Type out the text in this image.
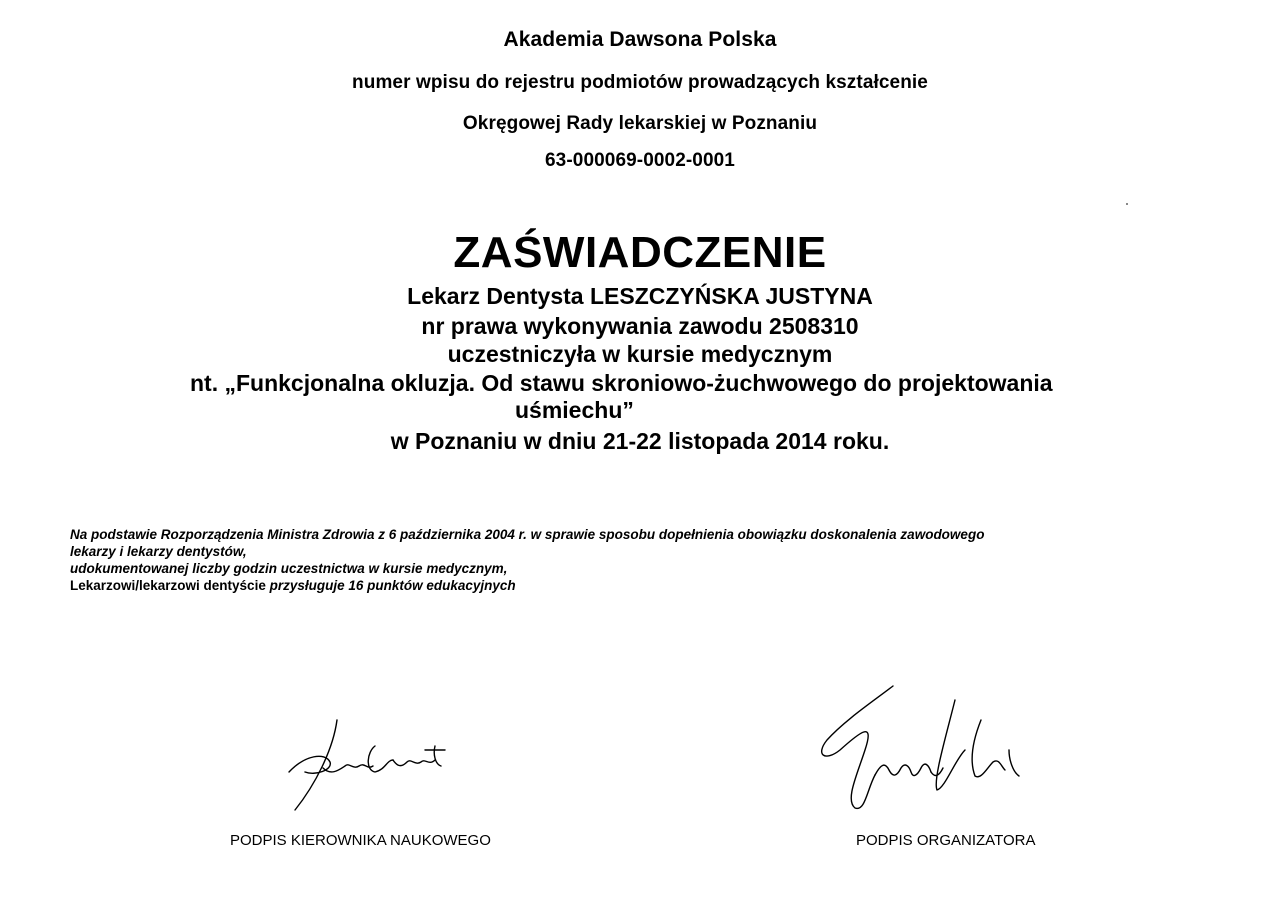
Akademia Dawsona Polska
numer wpisu do rejestru podmiotów prowadzących kształcenie
Okręgowej Rady lekarskiej w Poznaniu
63-000069-0002-0001
ZAŚWIADCZENIE
Lekarz Dentysta LESZCZYŃSKA JUSTYNA
nr prawa wykonywania zawodu 2508310
uczestniczyła w kursie medycznym
nt. „Funkcjonalna okluzja. Od stawu skroniowo-żuchwowego do projektowania
uśmiechu”
w Poznaniu w dniu 21-22 listopada 2014 roku.
Na podstawie Rozporządzenia Ministra Zdrowia z 6 października 2004 r. w sprawie sposobu dopełnienia obowiązku doskonalenia zawodowego
lekarzy i lekarzy dentystów,
udokumentowanej liczby godzin uczestnictwa w kursie medycznym,
Lekarzowi/lekarzowi dentyście przysługuje 16 punktów edukacyjnych
PODPIS KIEROWNIKA NAUKOWEGO	PODPIS ORGANIZATORA
